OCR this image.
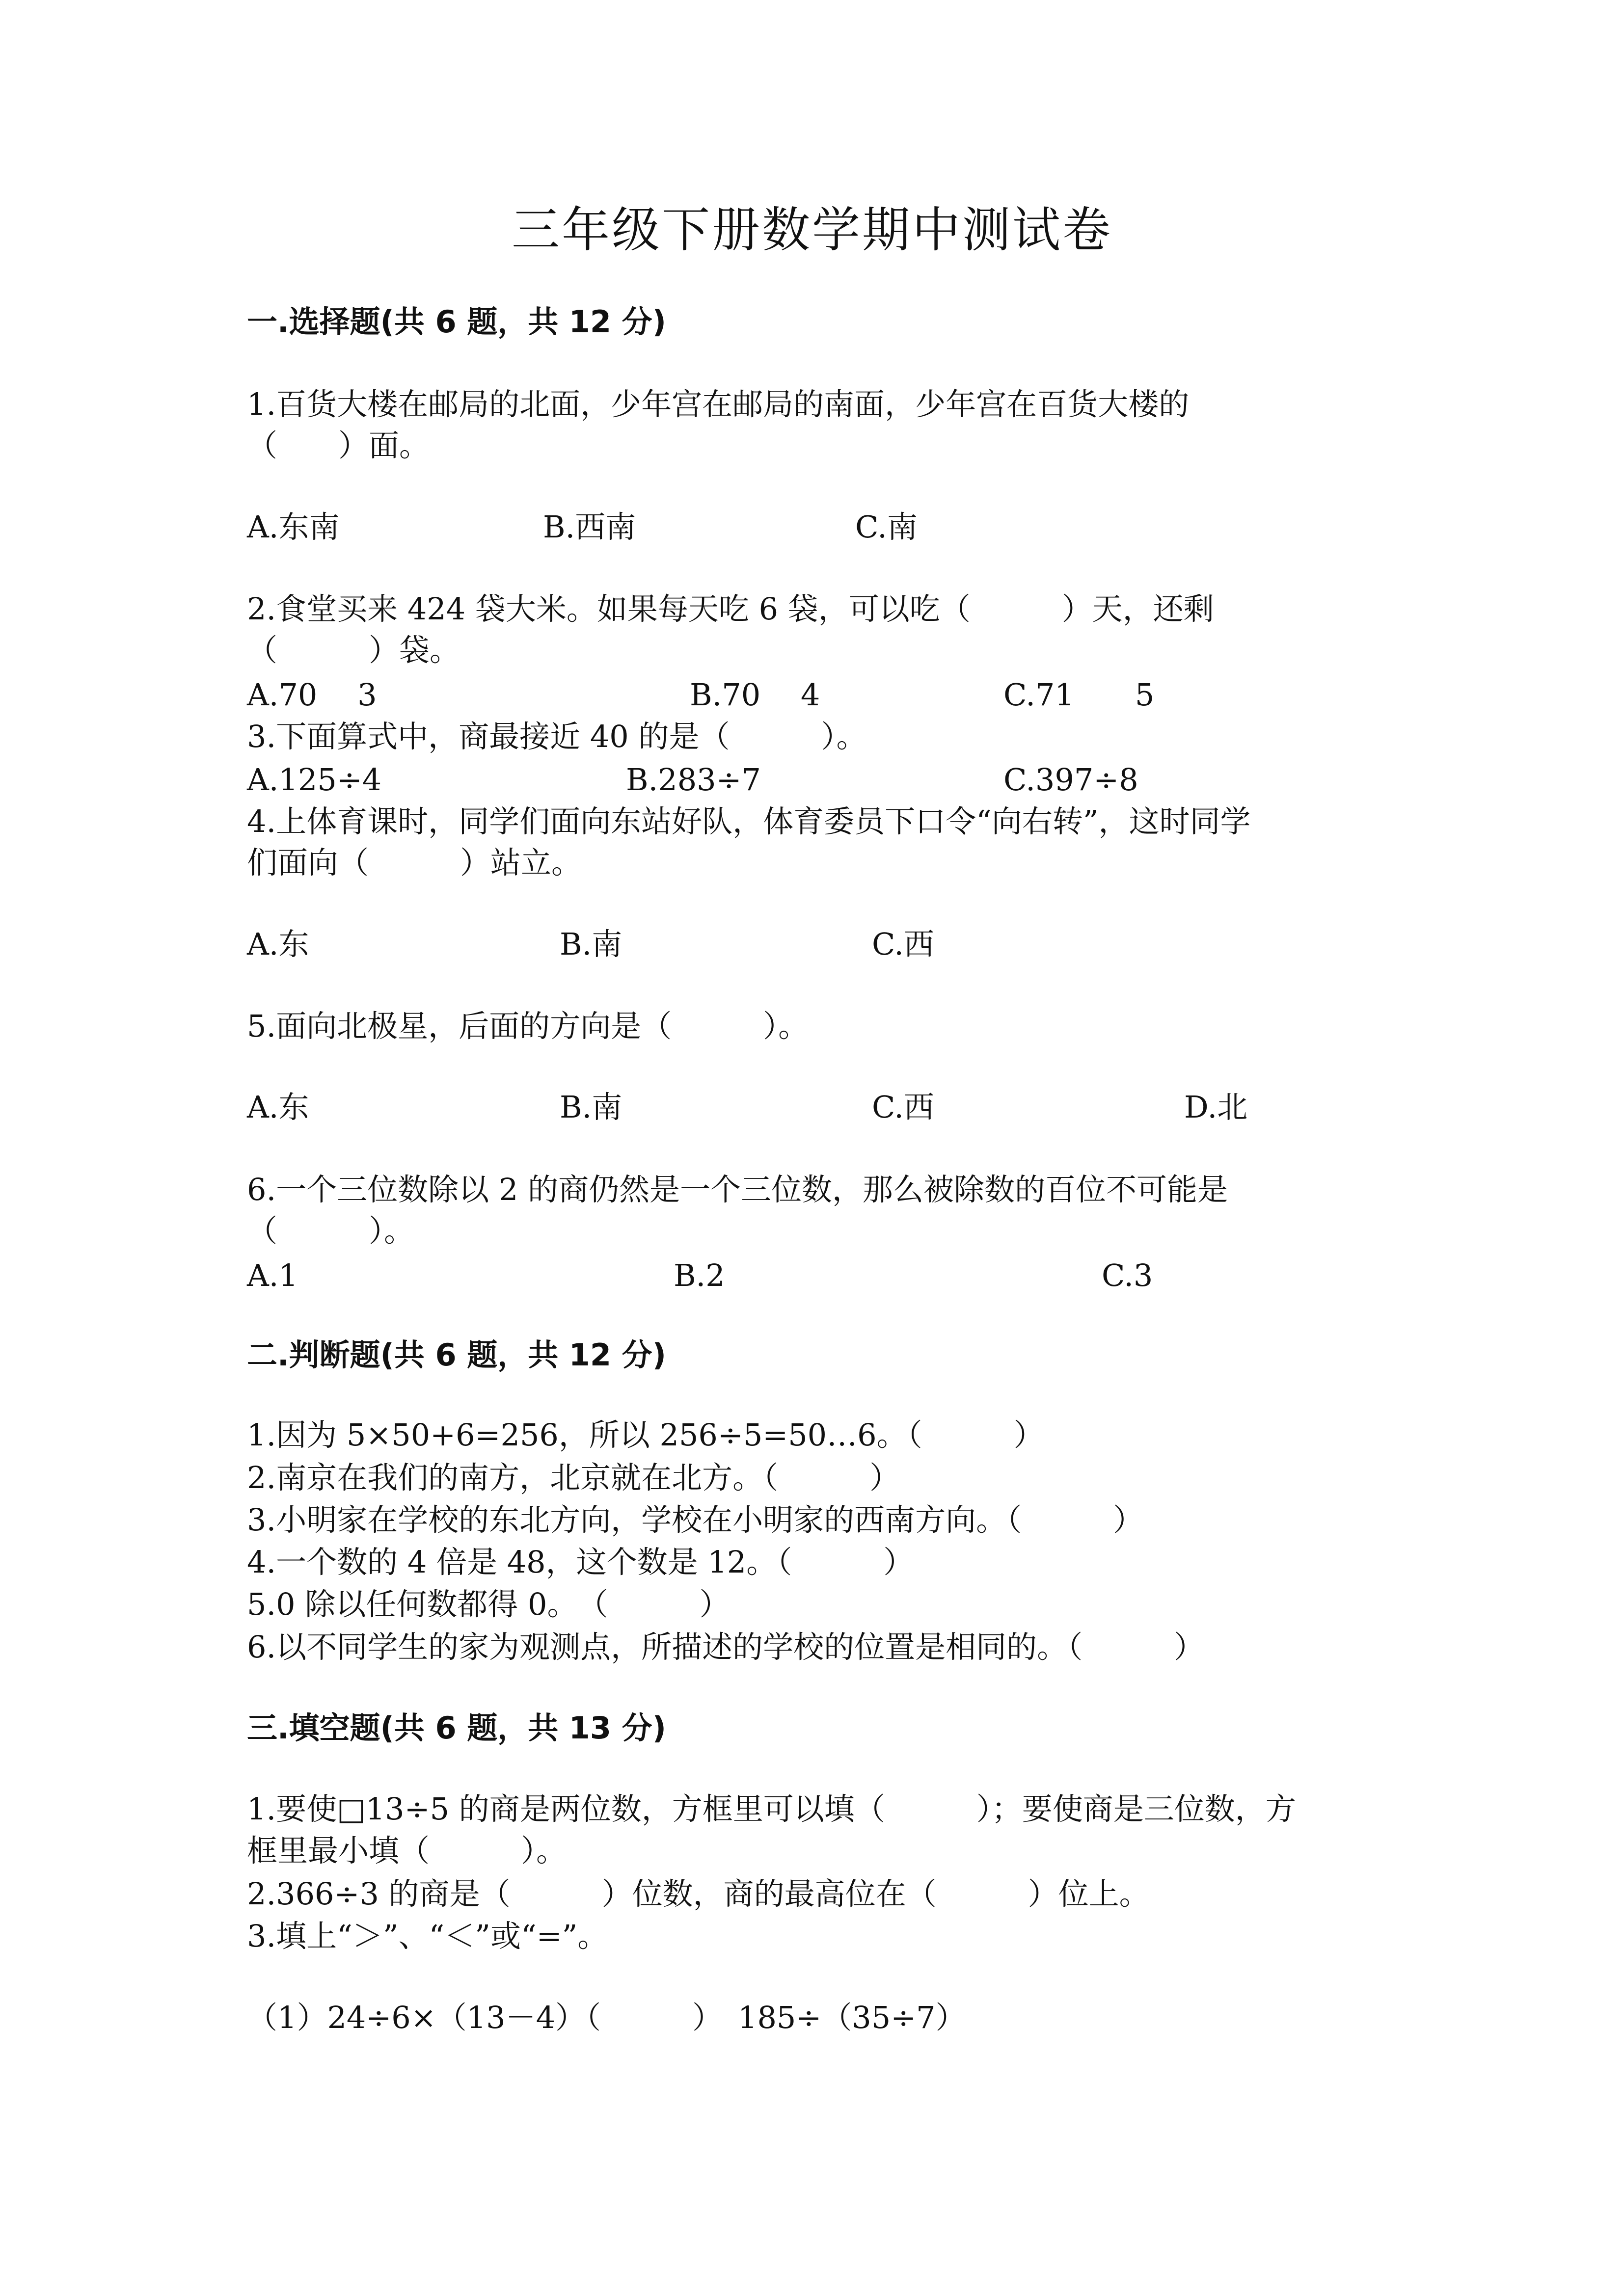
三年级下册数学期中测试卷
一.选择题(共 6 题，共 12 分)
1.百货大楼在邮局的北面，少年宫在邮局的南面，少年宫在百货大楼的
（　　）面。
A.东南	B.西南	C.南
2.食堂买来 424 袋大米。如果每天吃 6 袋，可以吃（　　　）天，还剩
（　　　）袋。
A.70　 3	B.70　 4	C.71　　5
3.下面算式中，商最接近 40 的是（　　　）。
A.125÷4	B.283÷7	C.397÷8
4.上体育课时，同学们面向东站好队，体育委员下口令“向右转”，这时同学
们面向（　　　）站立。
A.东	B.南	C.西
5.面向北极星，后面的方向是（　　　）。
A.东	B.南	C.西	D.北
6.一个三位数除以 2 的商仍然是一个三位数，那么被除数的百位不可能是
（　　　）。
A.1	B.2	C.3
二.判断题(共 6 题，共 12 分)
1.因为 5×50+6=256，所以 256÷5=50…6。（　　　）
2.南京在我们的南方，北京就在北方。（　　　）
3.小明家在学校的东北方向，学校在小明家的西南方向。（　　　）
4.一个数的 4 倍是 48，这个数是 12。（　　　）
5.0 除以任何数都得 0。　（　　　）
6.以不同学生的家为观测点，所描述的学校的位置是相同的。（　　　）
三.填空题(共 6 题，共 13 分)
1.要使□13÷5 的商是两位数，方框里可以填（　　　）；要使商是三位数，方
框里最小填（　　　）。
2.366÷3 的商是（　　　）位数，商的最高位在（　　　）位上。
3.填上“＞”、“＜”或“=”。
（1）24÷6×（13－4）（　　　）　185÷（35÷7）
